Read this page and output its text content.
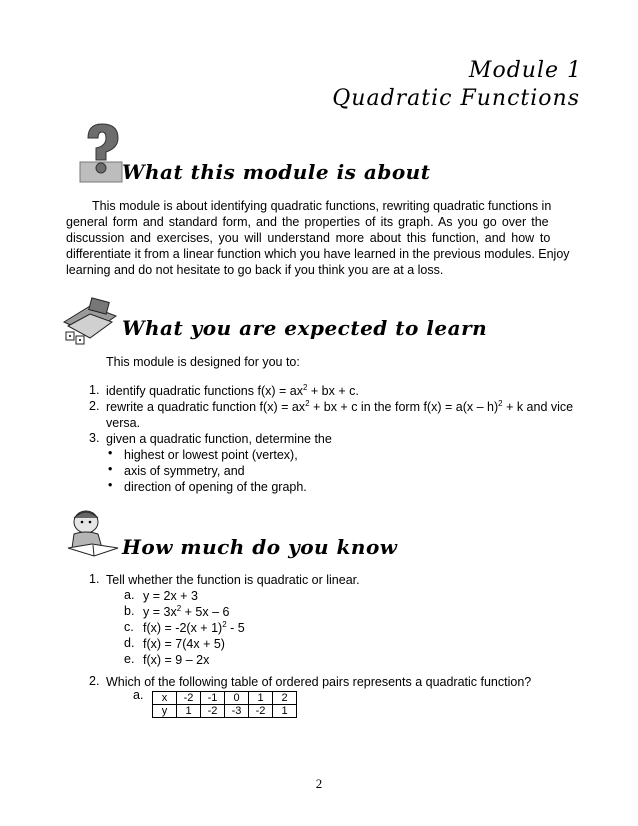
Module 1
Quadratic Functions
What this module is about
This module is about identifying quadratic functions, rewriting quadratic functions in
general form and standard form, and the properties of its graph. As you go over the
discussion and exercises, you will understand more about this function, and how to
differentiate it from a linear function which you have learned in the previous modules. Enjoy
learning and do not hesitate to go back if you think you are at a loss.
What you are expected to learn
This module is designed for you to:
1. identify quadratic functions $f(x) = ax^2$ + bx + c.
2. rewrite a quadratic function $f(x) = ax^2$ + bx + c in the form f(x) = a(x – h)$^2$ + k and vice
versa.
3. given a quadratic function, determine the
• highest or lowest point (vertex),
• axis of symmetry, and
• direction of opening of the graph.
How much do you know
1. Tell whether the function is quadratic or linear.
a. y = 2x + 3
b. $y = 3x^2 + 5x - 6$
c. $f(x) = -2(x + 1)^2 - 5$
d. f(x) = 7(4x + 5)
e. f(x) = 9 – 2x
2. Which of the following table of ordered pairs represents a quadratic function?
a. x	-2	-1	0	1	2
y	1	-2	-3	-2	1
2
